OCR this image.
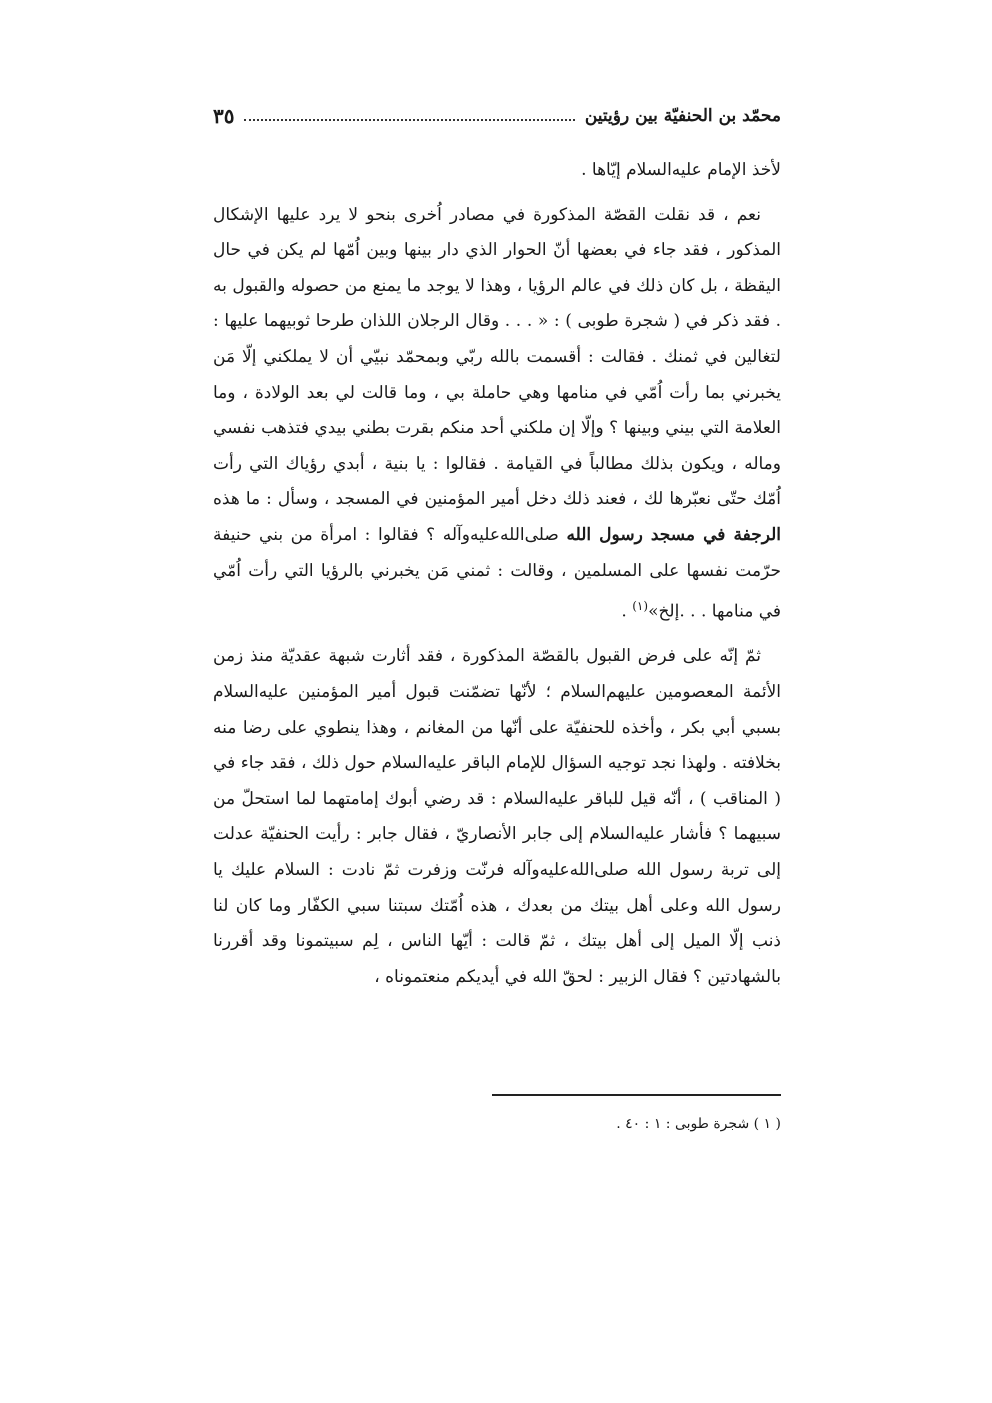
محمّد بن الحنفيّة بين رؤيتين
٣٥

لأخذ الإمام عليه‌السلام إيّاها .

نعم ، قد نقلت القصّة المذكورة في مصادر اُخرى بنحو لا يرد عليها الإشكال المذكور ، فقد جاء في بعضها أنّ الحوار الذي دار بينها وبين اُمّها لم يكن في حال اليقظة ، بل كان ذلك في عالم الرؤيا ، وهذا لا يوجد ما يمنع من حصوله والقبول به . فقد ذكر في ( شجرة طوبى ) : « . . . وقال الرجلان اللذان طرحا ثوبيهما عليها : لتغالين في ثمنك . فقالت : أقسمت بالله ربّي وبمحمّد نبيّي أن لا يملكني إلّا مَن يخبرني بما رأت اُمّي في منامها وهي حاملة بي ، وما قالت لي بعد الولادة ، وما العلامة التي بيني وبينها ؟ وإلّا إن ملكني أحد منكم بقرت بطني بيدي فتذهب نفسي وماله ، ويكون بذلك مطالباً في القيامة . فقالوا : يا بنية ، أبدي رؤياك التي رأت اُمّك حتّى نعبّرها لك ، فعند ذلك دخل أمير المؤمنين في المسجد ، وسأل : ما هذه الرجفة في مسجد رسول الله صلى‌الله‌عليه‌وآله ؟ فقالوا : امرأة من بني حنيفة حرّمت نفسها على المسلمين ، وقالت : ثمني مَن يخبرني بالرؤيا التي رأت اُمّي في منامها . . .إلخ»$^{(١)}$ .

ثمّ إنّه على فرض القبول بالقصّة المذكورة ، فقد أثارت شبهة عقديّة منذ زمن الأئمة المعصومين عليهم‌السلام ؛ لأنّها تضمّنت قبول أمير المؤمنين عليه‌السلام بسبي أبي بكر ، وأخذه للحنفيّة على أنّها من المغانم ، وهذا ينطوي على رضا منه بخلافته . ولهذا نجد توجيه السؤال للإمام الباقر عليه‌السلام حول ذلك ، فقد جاء في ( المناقب ) ، أنّه قيل للباقر عليه‌السلام : قد رضي أبوك إمامتهما لما استحلّ من سبيهما ؟ فأشار عليه‌السلام إلى جابر الأنصاريّ ، فقال جابر : رأيت الحنفيّة عدلت إلى تربة رسول الله صلى‌الله‌عليه‌وآله فرنّت وزفرت ثمّ نادت : السلام عليك يا رسول الله وعلى أهل بيتك من بعدك ، هذه اُمّتك سبتنا سبي الكفّار وما كان لنا ذنب إلّا الميل إلى أهل بيتك ، ثمّ قالت : أيّها الناس ، لِم سبيتمونا وقد أقررنا بالشهادتين ؟ فقال الزبير : لحقّ الله في أيديكم منعتموناه ،

( ١ ) شجرة طوبى : ١ : ٤٠ .
